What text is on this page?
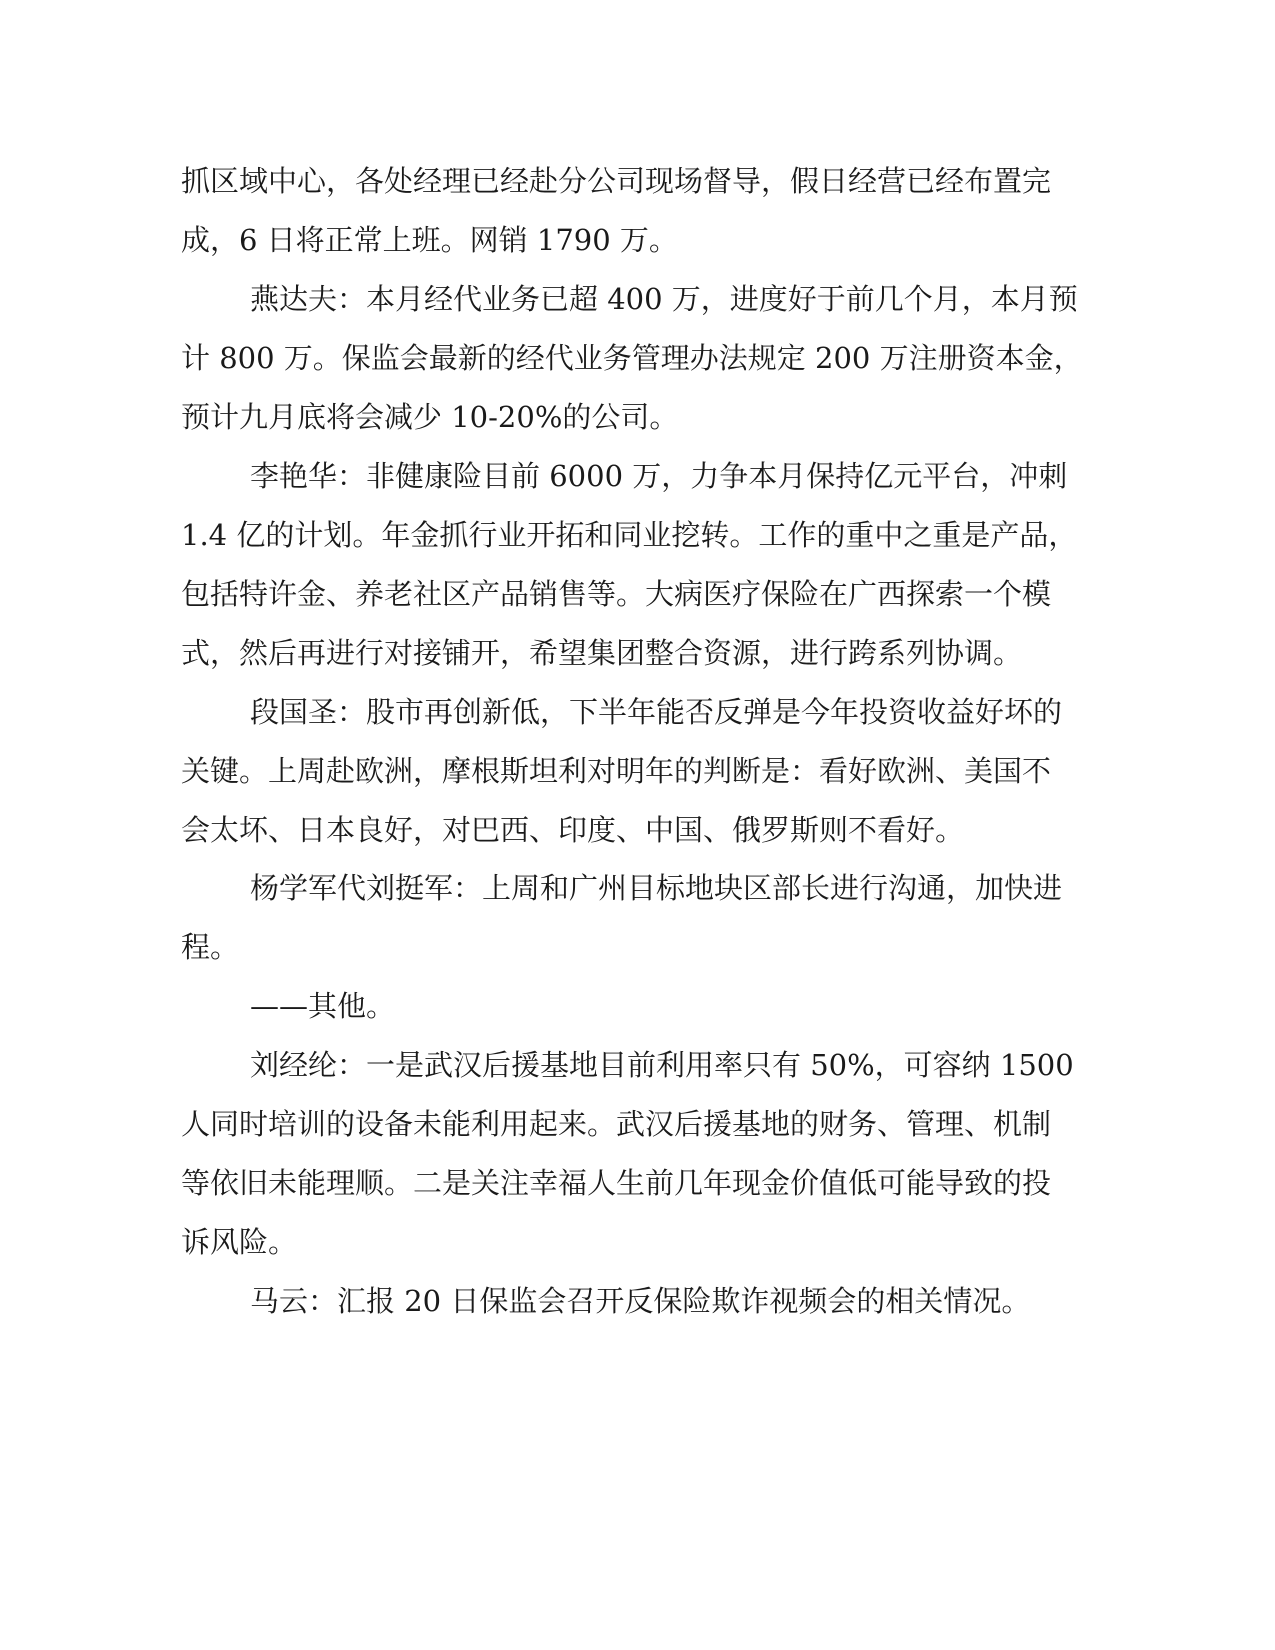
抓区域中心，各处经理已经赴分公司现场督导，假日经营已经布置完
成，6 日将正常上班。网销 1790 万。
燕达夫：本月经代业务已超 400 万，进度好于前几个月，本月预
计 800 万。保监会最新的经代业务管理办法规定 200 万注册资本金，
预计九月底将会减少 10-20%的公司。
李艳华：非健康险目前 6000 万，力争本月保持亿元平台，冲刺
1.4 亿的计划。年金抓行业开拓和同业挖转。工作的重中之重是产品，
包括特许金、养老社区产品销售等。大病医疗保险在广西探索一个模
式，然后再进行对接铺开，希望集团整合资源，进行跨系列协调。
段国圣：股市再创新低，下半年能否反弹是今年投资收益好坏的
关键。上周赴欧洲，摩根斯坦利对明年的判断是：看好欧洲、美国不
会太坏、日本良好，对巴西、印度、中国、俄罗斯则不看好。
杨学军代刘挺军：上周和广州目标地块区部长进行沟通，加快进
程。
——其他。
刘经纶：一是武汉后援基地目前利用率只有 50%，可容纳 1500
人同时培训的设备未能利用起来。武汉后援基地的财务、管理、机制
等依旧未能理顺。二是关注幸福人生前几年现金价值低可能导致的投
诉风险。
马云：汇报 20 日保监会召开反保险欺诈视频会的相关情况。
